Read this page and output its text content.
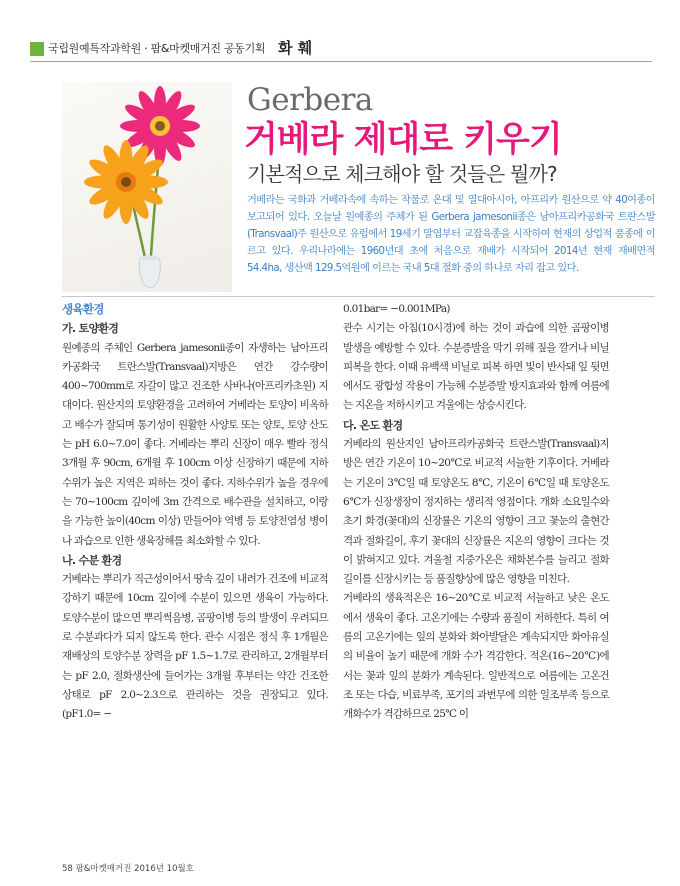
국립원예특작과학원 · 팜&마켓매거진 공동기획 화 훼
Gerbera
거베라 제대로 키우기
기본적으로 체크해야 할 것들은 뭘까?
거베라는 국화과 거베라속에 속하는 작물로 온대 및 열대아시아, 아프리카 원산으로 약 40여종이 보고되어 있다. 오늘날 원예종의 주체가 된 Gerbera jamesonii종은 남아프리카공화국 트란스발(Transvaal)주 원산으로 유럽에서 19세기 말엽부터 교잡육종을 시작하여 현재의 상업적 품종에 이르고 있다. 우리나라에는 1960년대 초에 처음으로 재배가 시작되어 2014년 현재 재배면적 54.4ha, 생산액 129.5억원에 이르는 국내 5대 절화 중의 하나로 자리 잡고 있다.

생육환경

가. 토양환경

원예종의 주체인 Gerbera jamesonii종이 자생하는 남아프리카공화국 트란스발(Transvaal)지방은 연간 강수량이 400~700mm로 자갈이 많고 건조한 사바나(아프리카초원) 지대이다. 원산지의 토양환경을 고려하여 거베라는 토양이 비옥하고 배수가 잘되며 통기성이 원활한 사양토 또는 양토, 토양 산도는 pH 6.0~7.0이 좋다. 거베라는 뿌리 신장이 매우 빨라 정식 3개월 후 90cm, 6개월 후 100cm 이상 신장하기 때문에 지하수위가 높은 지역은 피하는 것이 좋다. 지하수위가 높을 경우에는 70~100cm 깊이에 3m 간격으로 배수관을 설치하고, 이랑을 가능한 높이(40cm 이상) 만들어야 역병 등 토양전염성 병이나 과습으로 인한 생육장해를 최소화할 수 있다.

나. 수분 환경

거베라는 뿌리가 직근성이어서 땅속 깊이 내려가 건조에 비교적 강하기 때문에 10cm 깊이에 수분이 있으면 생육이 가능하다. 토양수분이 많으면 뿌리썩음병, 곰팡이병 등의 발생이 우려되므로 수분과다가 되지 않도록 한다. 관수 시점은 정식 후 1개월은 재배상의 토양수분 장력을 pF 1.5~1.7로 관리하고, 2개월부터는 pF 2.0, 절화생산에 들어가는 3개월 후부터는 약간 건조한 상태로 pF 2.0~2.3으로 관리하는 것을 권장되고 있다.(pF1.0= −

0.01bar= −0.001MPa)

관수 시기는 아침(10시경)에 하는 것이 과습에 의한 곰팡이병 발생을 예방할 수 있다. 수분증발을 막기 위해 짚을 깔거나 비닐피복을 한다. 이때 유백색 비닐로 피복 하면 빛이 반사돼 잎 뒷면에서도 광합성 작용이 가능해 수분증발 방지효과와 함께 여름에는 지온을 저하시키고 겨울에는 상승시킨다.

다. 온도 환경

거베라의 원산지인 남아프리카공화국 트란스발(Transvaal)지방은 연간 기온이 10~20℃로 비교적 서늘한 기후이다. 거베라는 기온이 3℃일 때 토양온도 8℃, 기온이 6℃일 때 토양온도 6℃가 신장생장이 정지하는 생리적 영점이다. 개화 소요일수와 초기 화경(꽃대)의 신장률은 기온의 영향이 크고 꽃눈의 출현간격과 절화길이, 후기 꽃대의 신장률은 지온의 영향이 크다는 것이 밝혀지고 있다. 겨울철 지중가온은 채화본수를 늘리고 절화길이를 신장시키는 등 품질향상에 많은 영향을 미친다.

거베라의 생육적온은 16~20℃로 비교적 서늘하고 낮은 온도에서 생육이 좋다. 고온기에는 수량과 품질이 저하한다. 특히 여름의 고온기에는 잎의 분화와 화아발달은 계속되지만 화아유실의 비율이 높기 때문에 개화 수가 격감한다. 적온(16~20℃)에서는 꽃과 잎의 분화가 계속된다. 일반적으로 여름에는 고온건조 또는 다습, 비료부족, 포기의 과번무에 의한 일조부족 등으로 개화수가 격감하므로 25℃ 이

58 팜&마켓매거진 2016년 10월호
